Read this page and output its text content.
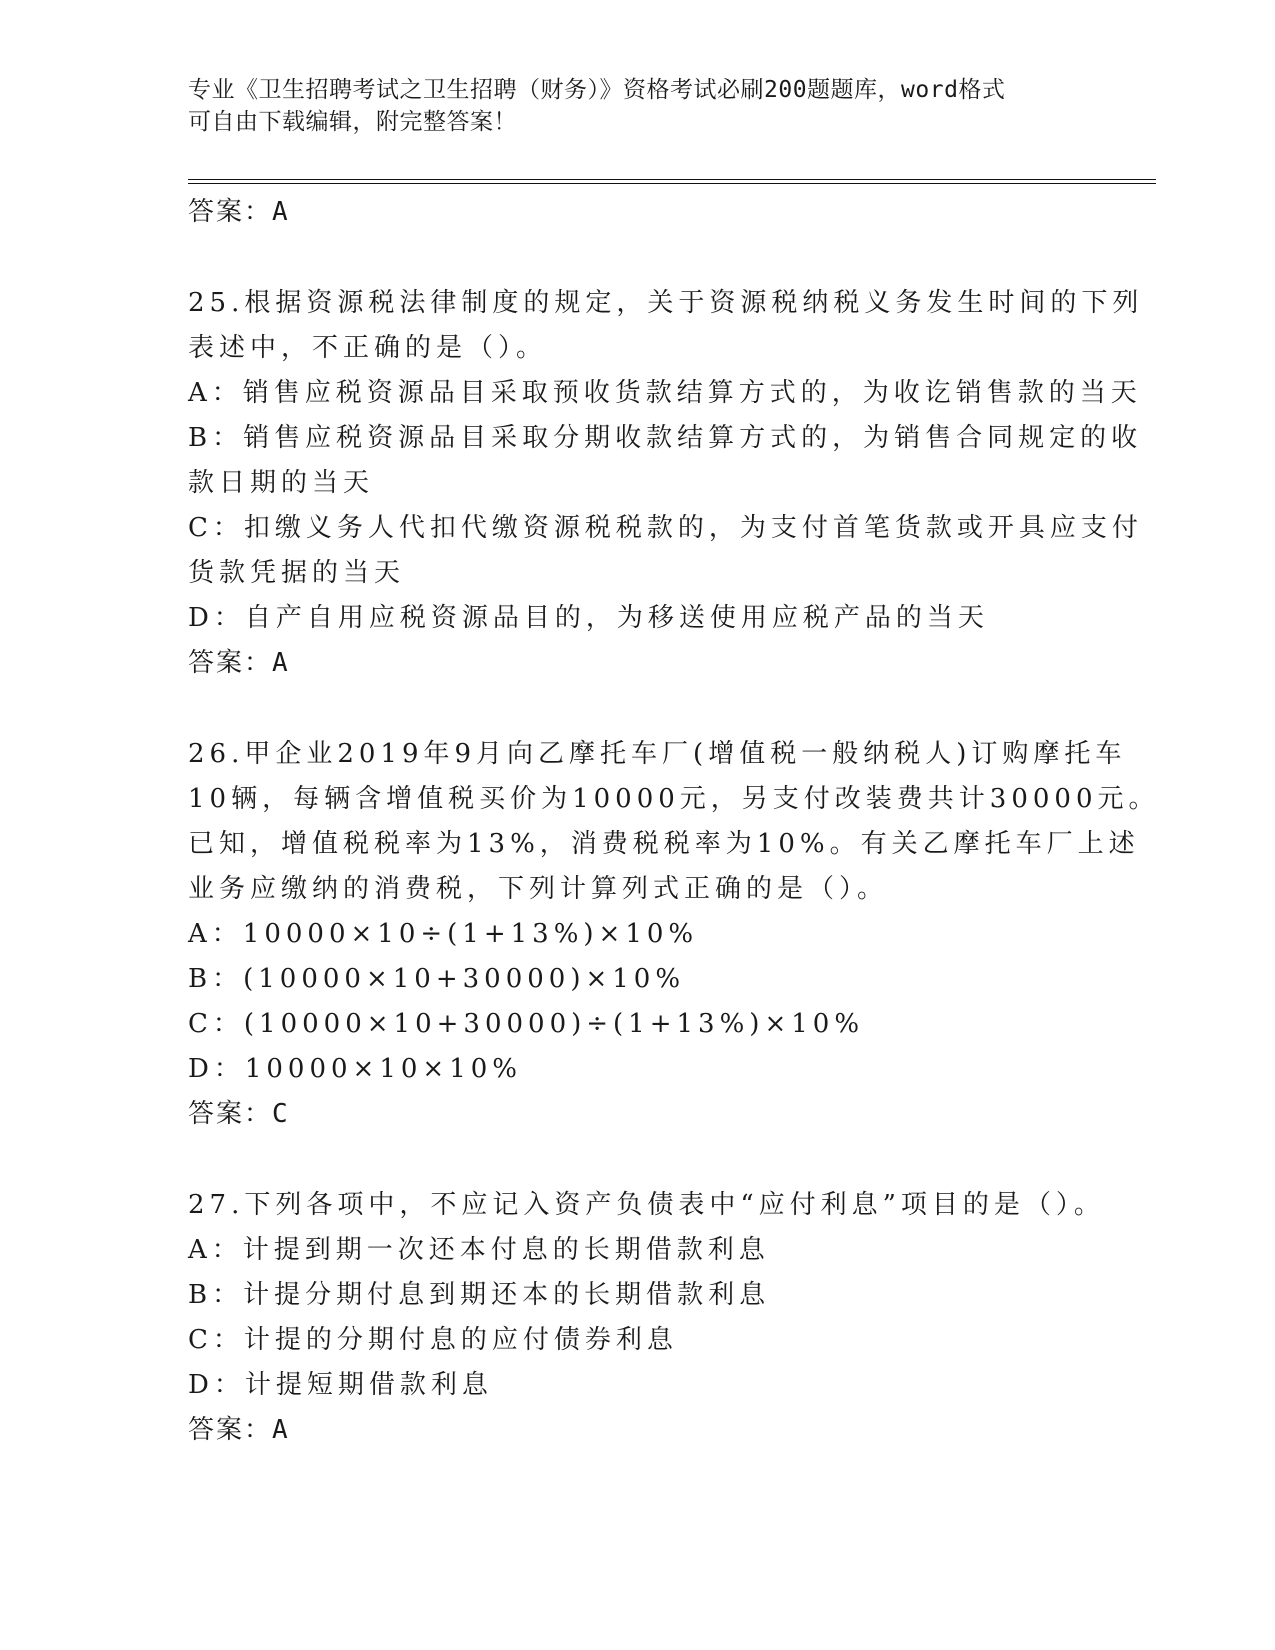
专业《卫生招聘考试之卫生招聘（财务）》资格考试必刷200题题库，word格式
可自由下载编辑，附完整答案！
答案：A
25.根据资源税法律制度的规定，关于资源税纳税义务发生时间的下列
表述中，不正确的是（）。
A：销售应税资源品目采取预收货款结算方式的，为收讫销售款的当天
B：销售应税资源品目采取分期收款结算方式的，为销售合同规定的收
款日期的当天
C：扣缴义务人代扣代缴资源税税款的，为支付首笔货款或开具应支付
货款凭据的当天
D：自产自用应税资源品目的，为移送使用应税产品的当天
答案：A
26.甲企业2019年9月向乙摩托车厂(增值税一般纳税人)订购摩托车
10辆，每辆含增值税买价为10000元，另支付改装费共计30000元。
已知，增值税税率为13%，消费税税率为10%。有关乙摩托车厂上述
业务应缴纳的消费税，下列计算列式正确的是（）。
A：10000×10÷(1+13%)×10%
B：(10000×10+30000)×10%
C：(10000×10+30000)÷(1+13%)×10%
D：10000×10×10%
答案：C
27.下列各项中，不应记入资产负债表中“应付利息”项目的是（）。
A：计提到期一次还本付息的长期借款利息
B：计提分期付息到期还本的长期借款利息
C：计提的分期付息的应付债券利息
D：计提短期借款利息
答案：A
